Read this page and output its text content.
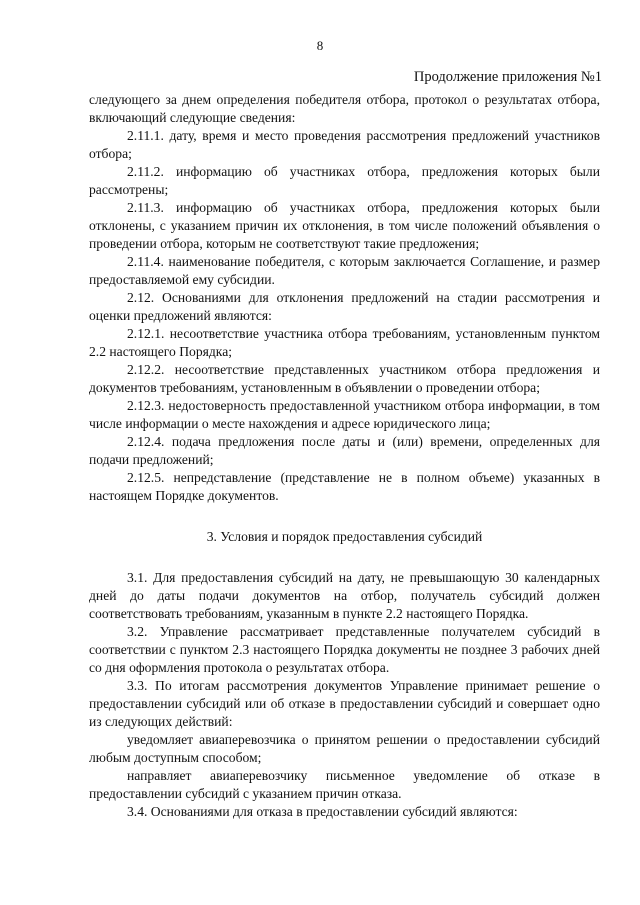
8
Продолжение приложения №1

следующего за днем определения победителя отбора, протокол о результатах отбора, включающий следующие сведения:

2.11.1. дату, время и место проведения рассмотрения предложений участников отбора;

2.11.2. информацию об участниках отбора, предложения которых были рассмотрены;

2.11.3. информацию об участниках отбора, предложения которых были отклонены, с указанием причин их отклонения, в том числе положений объявления о проведении отбора, которым не соответствуют такие предложения;

2.11.4. наименование победителя, с которым заключается Соглашение, и размер предоставляемой ему субсидии.

2.12. Основаниями для отклонения предложений на стадии рассмотрения и оценки предложений являются:

2.12.1. несоответствие участника отбора требованиям, установленным пунктом 2.2 настоящего Порядка;

2.12.2. несоответствие представленных участником отбора предложения и документов требованиям, установленным в объявлении о проведении отбора;

2.12.3. недостоверность предоставленной участником отбора информации, в том числе информации о месте нахождения и адресе юридического лица;

2.12.4. подача предложения после даты и (или) времени, определенных для подачи предложений;

2.12.5. непредставление (представление не в полном объеме) указанных в настоящем Порядке документов.

3. Условия и порядок предоставления субсидий

3.1. Для предоставления субсидий на дату, не превышающую 30 календарных дней до даты подачи документов на отбор, получатель субсидий должен соответствовать требованиям, указанным в пункте 2.2 настоящего Порядка.

3.2. Управление рассматривает представленные получателем субсидий в соответствии с пунктом 2.3 настоящего Порядка документы не позднее 3 рабочих дней со дня оформления протокола о результатах отбора.

3.3. По итогам рассмотрения документов Управление принимает решение о предоставлении субсидий или об отказе в предоставлении субсидий и совершает одно из следующих действий:

уведомляет авиаперевозчика о принятом решении о предоставлении субсидий любым доступным способом;

направляет авиаперевозчику письменное уведомление об отказе в предоставлении субсидий с указанием причин отказа.

3.4. Основаниями для отказа в предоставлении субсидий являются:
